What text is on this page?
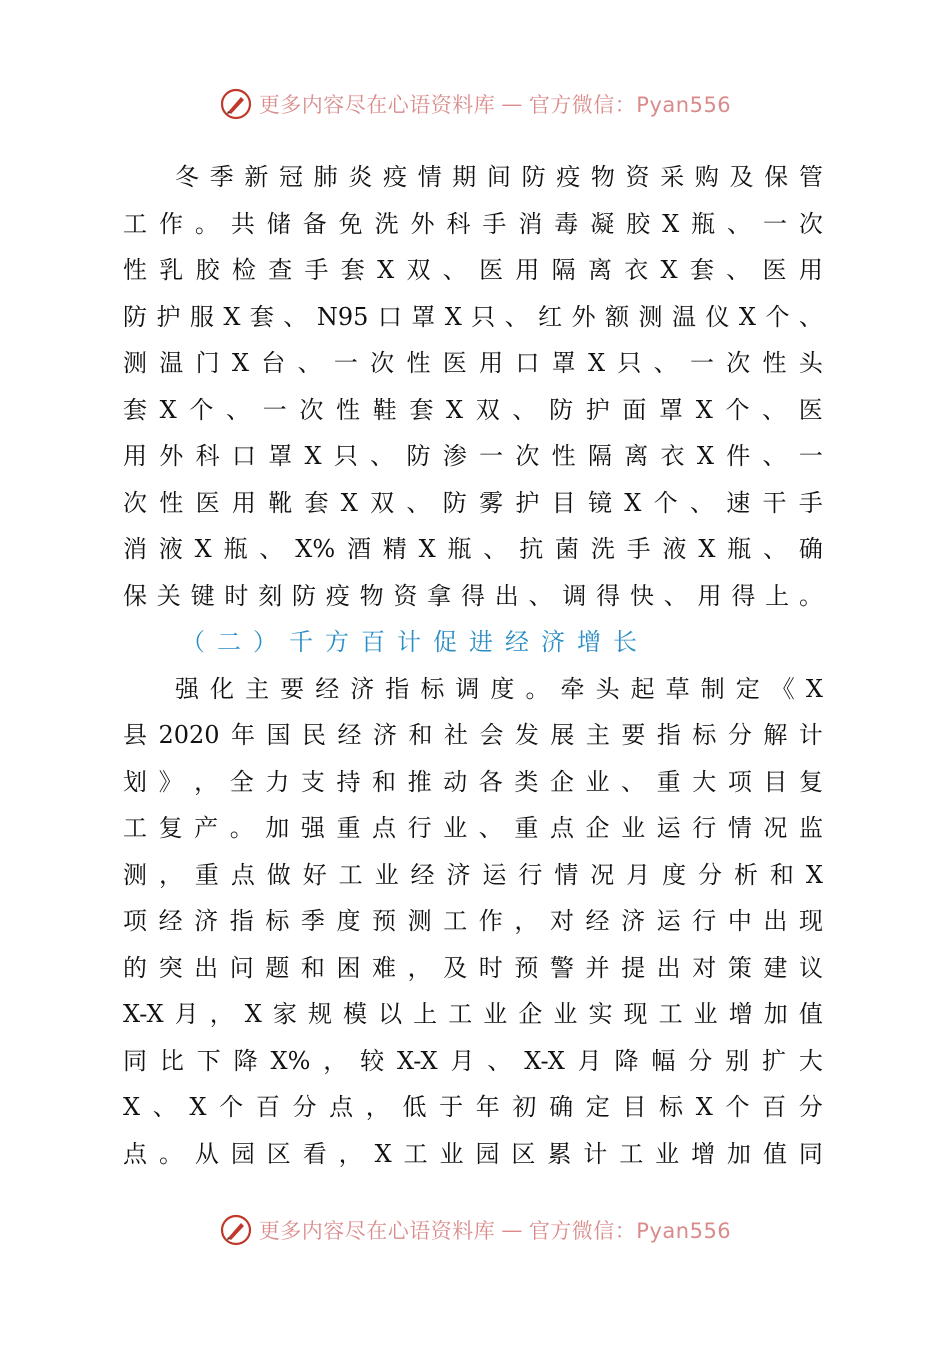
更多内容尽在心语资料库 — 官方微信：Pyan556
冬 季 新 冠 肺 炎 疫 情 期 间 防 疫 物 资 采 购 及 保 管
工 作 。 共 储 备 免 洗 外 科 手 消 毒 凝 胶 X 瓶 、 一 次
性 乳 胶 检 查 手 套 X 双 、 医 用 隔 离 衣 X 套 、 医 用
防 护 服 X 套 、 N95 口 罩 X 只 、 红 外 额 测 温 仪 X 个 、
测 温 门 X 台 、 一 次 性 医 用 口 罩 X 只 、 一 次 性 头
套 X 个 、 一 次 性 鞋 套 X 双 、 防 护 面 罩 X 个 、 医
用 外 科 口 罩 X 只 、 防 渗 一 次 性 隔 离 衣 X 件 、 一
次 性 医 用 靴 套 X 双 、 防 雾 护 目 镜 X 个 、 速 干 手
消 液 X 瓶 、 X% 酒 精 X 瓶 、 抗 菌 洗 手 液 X 瓶 、 确
保 关 键 时 刻 防 疫 物 资 拿 得 出 、 调 得 快 、 用 得 上 。
（二）千方百计促进经济增长
强 化 主 要 经 济 指 标 调 度 。 牵 头 起 草 制 定 《 X
县 2020 年 国 民 经 济 和 社 会 发 展 主 要 指 标 分 解 计
划 》 ， 全 力 支 持 和 推 动 各 类 企 业 、 重 大 项 目 复
工 复 产 。 加 强 重 点 行 业 、 重 点 企 业 运 行 情 况 监
测 ， 重 点 做 好 工 业 经 济 运 行 情 况 月 度 分 析 和 X
项 经 济 指 标 季 度 预 测 工 作 ， 对 经 济 运 行 中 出 现
的 突 出 问 题 和 困 难 ， 及 时 预 警 并 提 出 对 策 建 议
X-X 月 ， X 家 规 模 以 上 工 业 企 业 实 现 工 业 增 加 值
同 比 下 降 X% ， 较 X-X 月 、 X-X 月 降 幅 分 别 扩 大
X 、 X 个 百 分 点 ， 低 于 年 初 确 定 目 标 X 个 百 分
点 。 从 园 区 看 ， X 工 业 园 区 累 计 工 业 增 加 值 同
更多内容尽在心语资料库 — 官方微信：Pyan556
